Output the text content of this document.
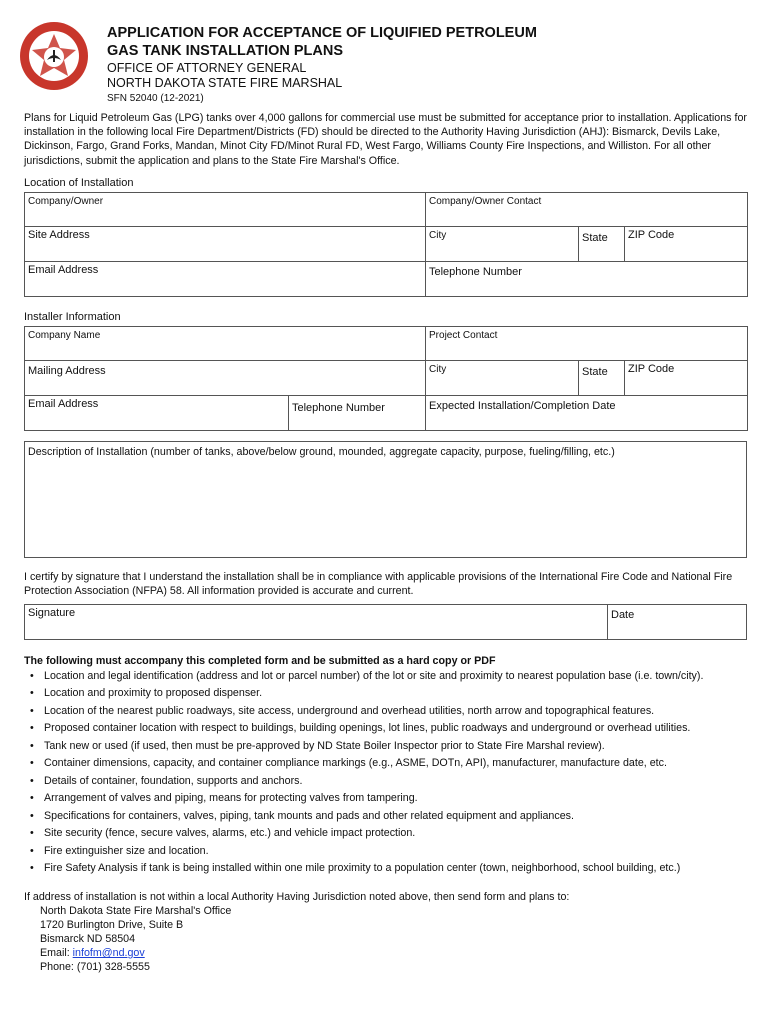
APPLICATION FOR ACCEPTANCE OF LIQUIFIED PETROLEUM
GAS TANK INSTALLATION PLANS
OFFICE OF ATTORNEY GENERAL
NORTH DAKOTA STATE FIRE MARSHAL
SFN 52040 (12-2021)
Plans for Liquid Petroleum Gas (LPG) tanks over 4,000 gallons for commercial use must be submitted for acceptance prior to installation. Applications for installation in the following local Fire Department/Districts (FD) should be directed to the Authority Having Jurisdiction (AHJ): Bismarck, Devils Lake, Dickinson, Fargo, Grand Forks, Mandan, Minot City FD/Minot Rural FD, West Fargo, Williams County Fire Inspections, and Williston. For all other jurisdictions, submit the application and plans to the State Fire Marshal's Office.
Location of Installation
Company/Owner	Company/Owner Contact		
Site Address	City	State	ZIP Code
Email Address	Telephone Number		
Installer Information
Company Name		Project Contact		
Mailing Address		City	State	ZIP Code
Email Address	Telephone Number	Expected Installation/Completion Date		
Description of Installation (number of tanks, above/below ground, mounded, aggregate capacity, purpose, fueling/filling, etc.)
I certify by signature that I understand the installation shall be in compliance with applicable provisions of the International Fire Code and National Fire Protection Association (NFPA) 58. All information provided is accurate and current.
Signature	Date
The following must accompany this completed form and be submitted as a hard copy or PDF
• Location and legal identification (address and lot or parcel number) of the lot or site and proximity to nearest population base (i.e. town/city).
• Location and proximity to proposed dispenser.
• Location of the nearest public roadways, site access, underground and overhead utilities, north arrow and topographical features.
• Proposed container location with respect to buildings, building openings, lot lines, public roadways and underground or overhead utilities.
• Tank new or used (if used, then must be pre-approved by ND State Boiler Inspector prior to State Fire Marshal review).
• Container dimensions, capacity, and container compliance markings (e.g., ASME, DOTn, API), manufacturer, manufacture date, etc.
• Details of container, foundation, supports and anchors.
• Arrangement of valves and piping, means for protecting valves from tampering.
• Specifications for containers, valves, piping, tank mounts and pads and other related equipment and appliances.
• Site security (fence, secure valves, alarms, etc.) and vehicle impact protection.
• Fire extinguisher size and location.
• Fire Safety Analysis if tank is being installed within one mile proximity to a population center (town, neighborhood, school building, etc.)
If address of installation is not within a local Authority Having Jurisdiction noted above, then send form and plans to:
North Dakota State Fire Marshal's Office
1720 Burlington Drive, Suite B
Bismarck ND 58504
Email: infofm@nd.gov
Phone: (701) 328-5555
